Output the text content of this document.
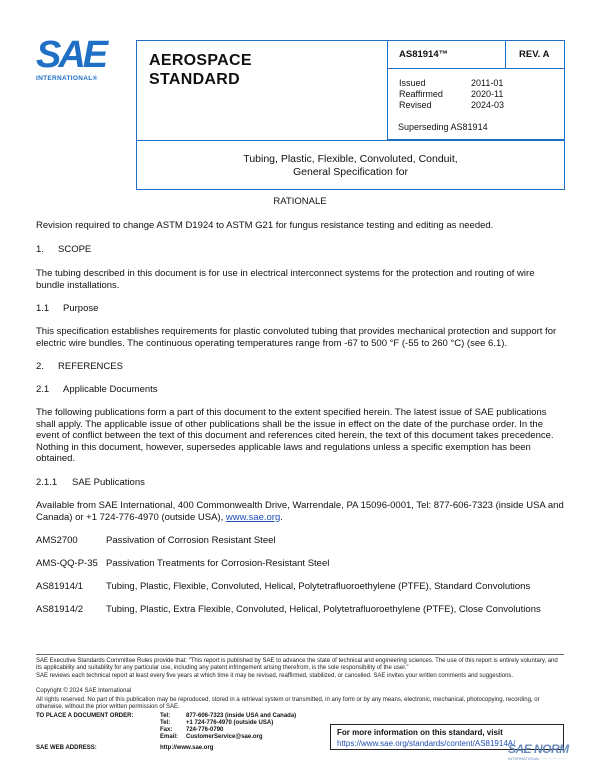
SAE
INTERNATIONAL®
AEROSPACE
STANDARD
AS81914™	REV. A
Issued	2011-01
Reaffirmed	2020-11
Revised	2024-03
Superseding AS81914
Tubing, Plastic, Flexible, Convoluted, Conduit,
General Specification for
RATIONALE
Revision required to change ASTM D1924 to ASTM G21 for fungus resistance testing and editing as needed.
1. SCOPE
The tubing described in this document is for use in electrical interconnect systems for the protection and routing of wire bundle installations.
1.1 Purpose
This specification establishes requirements for plastic convoluted tubing that provides mechanical protection and support for electric wire bundles. The continuous operating temperatures range from -67 to 500 °F (-55 to 260 °C) (see 6.1).
2. REFERENCES
2.1 Applicable Documents
The following publications form a part of this document to the extent specified herein. The latest issue of SAE publications shall apply. The applicable issue of other publications shall be the issue in effect on the date of the purchase order. In the event of conflict between the text of this document and references cited herein, the text of this document takes precedence. Nothing in this document, however, supersedes applicable laws and regulations unless a specific exemption has been obtained.
2.1.1 SAE Publications
Available from SAE International, 400 Commonwealth Drive, Warrendale, PA 15096-0001, Tel: 877-606-7323 (inside USA and Canada) or +1 724-776-4970 (outside USA), www.sae.org.
AMS2700	Passivation of Corrosion Resistant Steel
AMS-QQ-P-35 Passivation Treatments for Corrosion-Resistant Steel
AS81914/1 Tubing, Plastic, Flexible, Convoluted, Helical, Polytetrafluoroethylene (PTFE), Standard Convolutions
AS81914/2 Tubing, Plastic, Extra Flexible, Convoluted, Helical, Polytetrafluoroethylene (PTFE), Close Convolutions
SAE Executive Standards Committee Rules provide that: “This report is published by SAE to advance the state of technical and engineering sciences. The use of this report is entirely voluntary, and its applicability and suitability for any particular use, including any patent infringement arising therefrom, is the sole responsibility of the user.”
SAE reviews each technical report at least every five years at which time it may be revised, reaffirmed, stabilized, or cancelled. SAE invites your written comments and suggestions.
Copyright © 2024 SAE International
All rights reserved. No part of this publication may be reproduced, stored in a retrieval system or transmitted, in any form or by any means, electronic, mechanical, photocopying, recording, or otherwise, without the prior written permission of SAE.
TO PLACE A DOCUMENT ORDER:	Tel:	877-606-7323 (inside USA and Canada)
Tel:	+1 724-776-4970 (outside USA)
Fax: 724-776-0790
Email: CustomerService@sae.org
SAE WEB ADDRESS:	http://www.sae.org
For more information on this standard, visit
https://www.sae.org/standards/content/AS81914A/
SAE NORM
INTERNATIONAL ····· ······ ·······
